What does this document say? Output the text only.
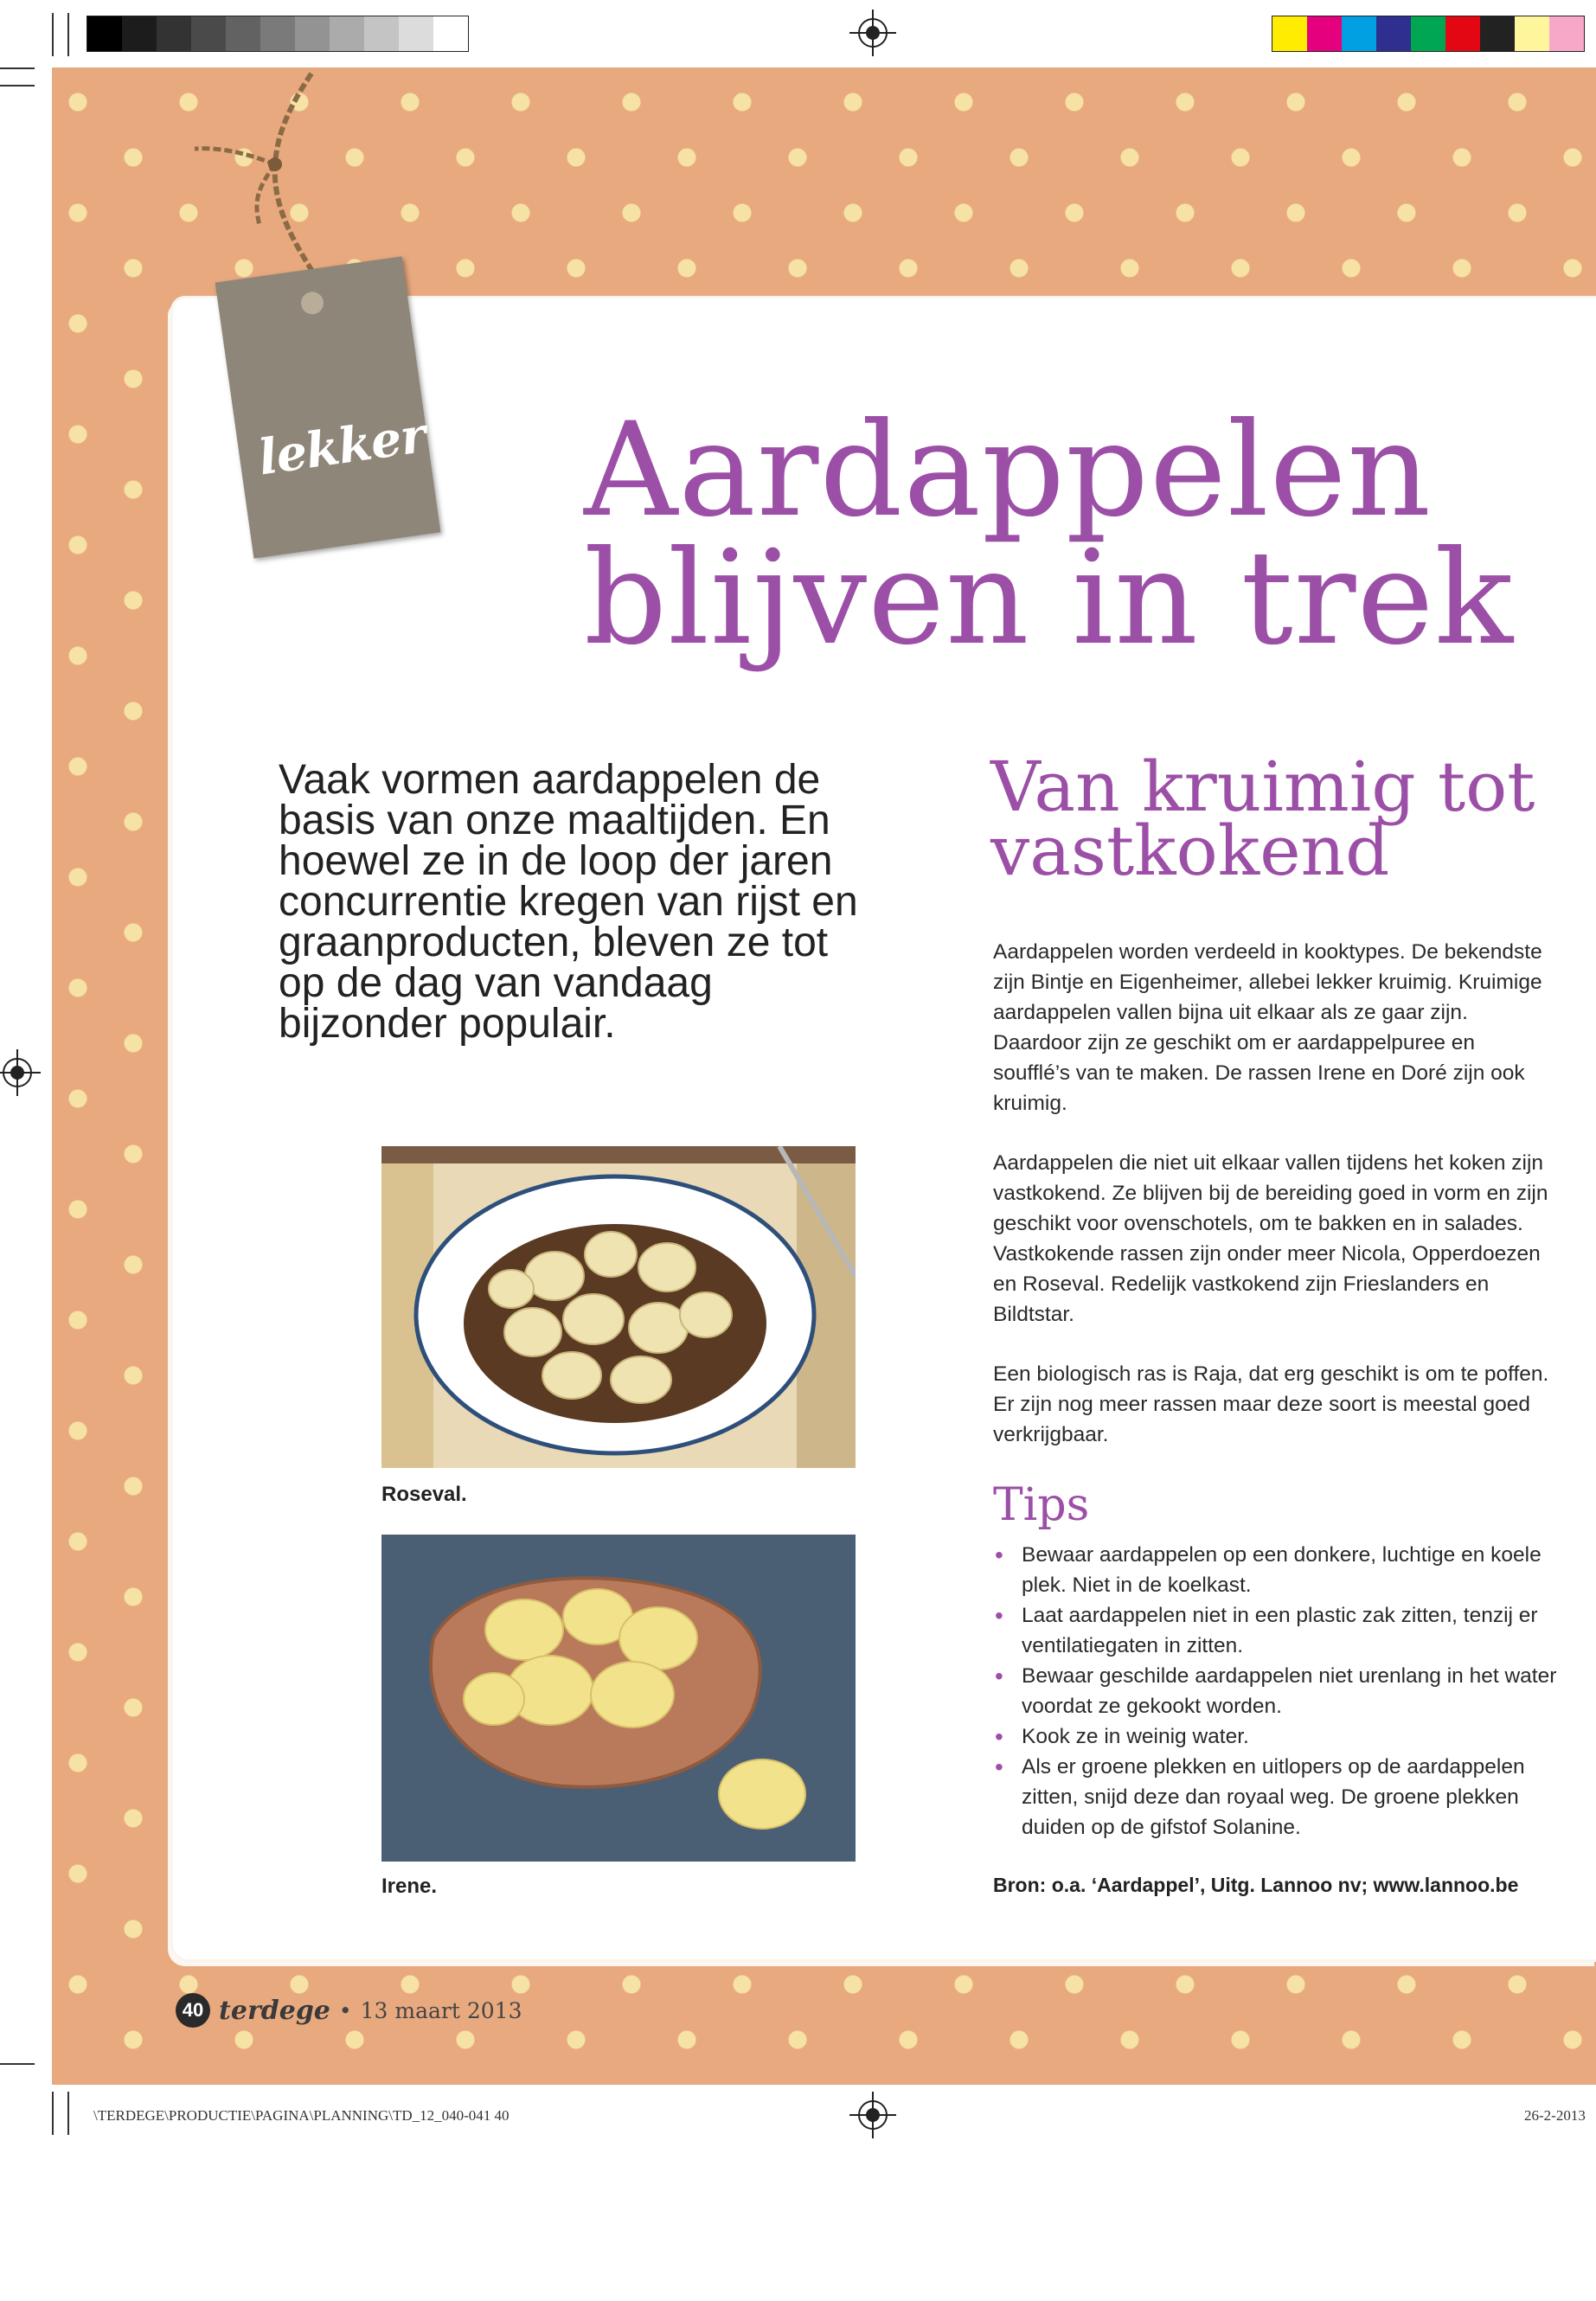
lekker Aardappelen
blijven in trek

Vaak vormen aardappelen de basis van onze maaltijden. En hoewel ze in de loop der jaren concurrentie kregen van rijst en graanproducten, bleven ze tot op de dag van vandaag bijzonder populair.

Roseval.
Irene.
Van kruimig tot
vastkokend

Aardappelen worden verdeeld in kooktypes. De bekendste zijn Bintje en Eigenheimer, allebei lekker kruimig. Kruimige aardappelen vallen bijna uit elkaar als ze gaar zijn. Daardoor zijn ze geschikt om er aardappelpuree en soufflé’s van te maken. De rassen Irene en Doré zijn ook kruimig.

Aardappelen die niet uit elkaar vallen tijdens het koken zijn vastkokend. Ze blijven bij de bereiding goed in vorm en zijn geschikt voor ovenschotels, om te bakken en in salades. Vastkokende rassen zijn onder meer Nicola, Opperdoezen en Roseval. Redelijk vastkokend zijn Frieslanders en Bildtstar.

Een biologisch ras is Raja, dat erg geschikt is om te poffen. Er zijn nog meer rassen maar deze soort is meestal goed verkrijgbaar.

Tips
• Bewaar aardappelen op een donkere, luchtige en koele plek. Niet in de koelkast.
• Laat aardappelen niet in een plastic zak zitten, tenzij er ventilatiegaten in zitten.
• Bewaar geschilde aardappelen niet urenlang in het water voordat ze gekookt worden.
• Kook ze in weinig water.
• Als er groene plekken en uitlopers op de aardappelen zitten, snijd deze dan royaal weg. De groene plekken duiden op de gifstof Solanine.
Bron: o.a. ‘Aardappel’, Uitg. Lannoo nv; www.lannoo.be
40 terdege • 13 maart 2013
\TERDEGE\PRODUCTIE\PAGINA\PLANNING\TD_12_040-041 40	26-2-2013
